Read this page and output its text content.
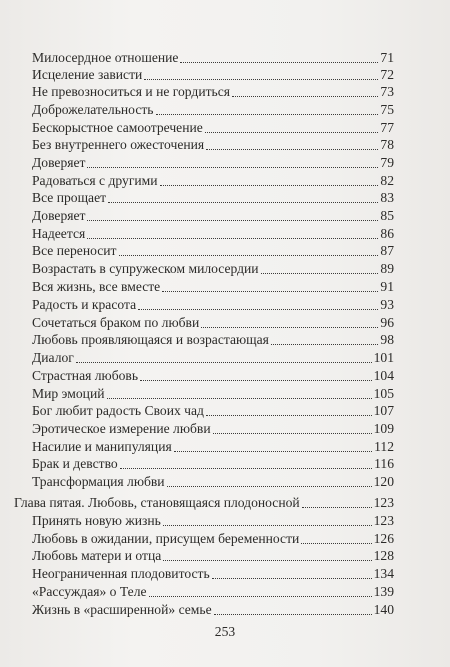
Милосердное отношение	71
Исцеление зависти	72
Не превозноситься и не гордиться	73
Доброжелательность	75
Бескорыстное самоотречение	77
Без внутреннего ожесточения	78
Доверяет	79
Радоваться с другими	82
Все прощает	83
Доверяет	85
Надеется	86
Все переносит	87
Возрастать в супружеском милосердии	89
Вся жизнь, все вместе	91
Радость и красота	93
Сочетаться браком по любви	96
Любовь проявляющаяся и возрастающая	98
Диалог	101
Страстная любовь	104
Мир эмоций	105
Бог любит радость Своих чад	107
Эротическое измерение любви	109
Насилие и манипуляция	112
Брак и девство	116
Трансформация любви	120
Глава пятая. Любовь, становящаяся плодоносной	123
Принять новую жизнь	123
Любовь в ожидании, присущем беременности	126
Любовь матери и отца	128
Неограниченная плодовитость	134
«Рассуждая» о Теле	139
Жизнь в «расширенной» семье	140
253
